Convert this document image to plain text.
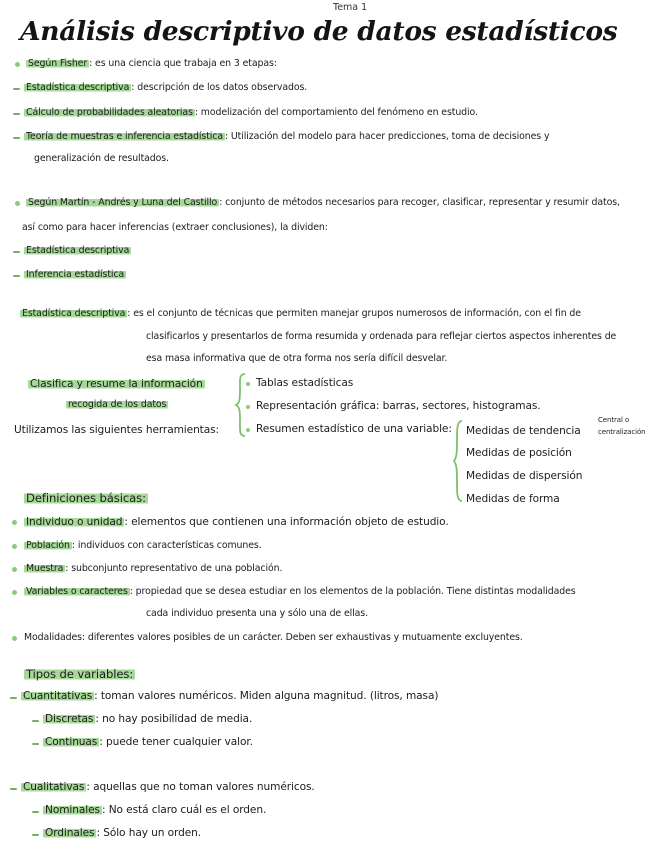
Tema 1
Análisis descriptivo de datos estadísticos
Según Fisher : es una ciencia que trabaja en 3 etapas:
Estadística descriptiva : descripción de los datos observados.
Cálculo de probabilidades aleatorias : modelización del comportamiento del fenómeno en estudio.
Teoría de muestras e inferencia estadística : Utilización del modelo para hacer predicciones, toma de decisiones y
generalización de resultados.
Según Martín - Andrés y Luna del Castillo : conjunto de métodos necesarios para recoger, clasificar, representar y resumir datos,
así como para hacer inferencias (extraer conclusiones), la dividen:
Estadística descriptiva
Inferencia estadística
Estadística descriptiva : es el conjunto de técnicas que permiten manejar grupos numerosos de información, con el fin de
clasificarlos y presentarlos de forma resumida y ordenada para reflejar ciertos aspectos inherentes de
esa masa informativa que de otra forma nos sería difícil desvelar.
Clasifica y resume la información
recogida de los datos
Utilizamos las siguientes herramientas:
Tablas estadísticas
Representación gráfica: barras, sectores, histogramas.
Resumen estadístico de una variable: Medidas de tendencia
Medidas de posición
Medidas de dispersión
Medidas de forma
Central o
centralización
Definiciones básicas:
Individuo o unidad : elementos que contienen una información objeto de estudio.
Población : individuos con características comunes.
Muestra : subconjunto representativo de una población.
Variables o caracteres : propiedad que se desea estudiar en los elementos de la población. Tiene distintas modalidades
cada individuo presenta una y sólo una de ellas.
Modalidades: diferentes valores posibles de un carácter. Deben ser exhaustivas y mutuamente excluyentes.
Tipos de variables:
Cuantitativas : toman valores numéricos. Miden alguna magnitud. (litros, masa)
Discretas : no hay posibilidad de media.
Continuas : puede tener cualquier valor.
Cualitativas : aquellas que no toman valores numéricos.
Nominales : No está claro cuál es el orden.
Ordinales : Sólo hay un orden.
